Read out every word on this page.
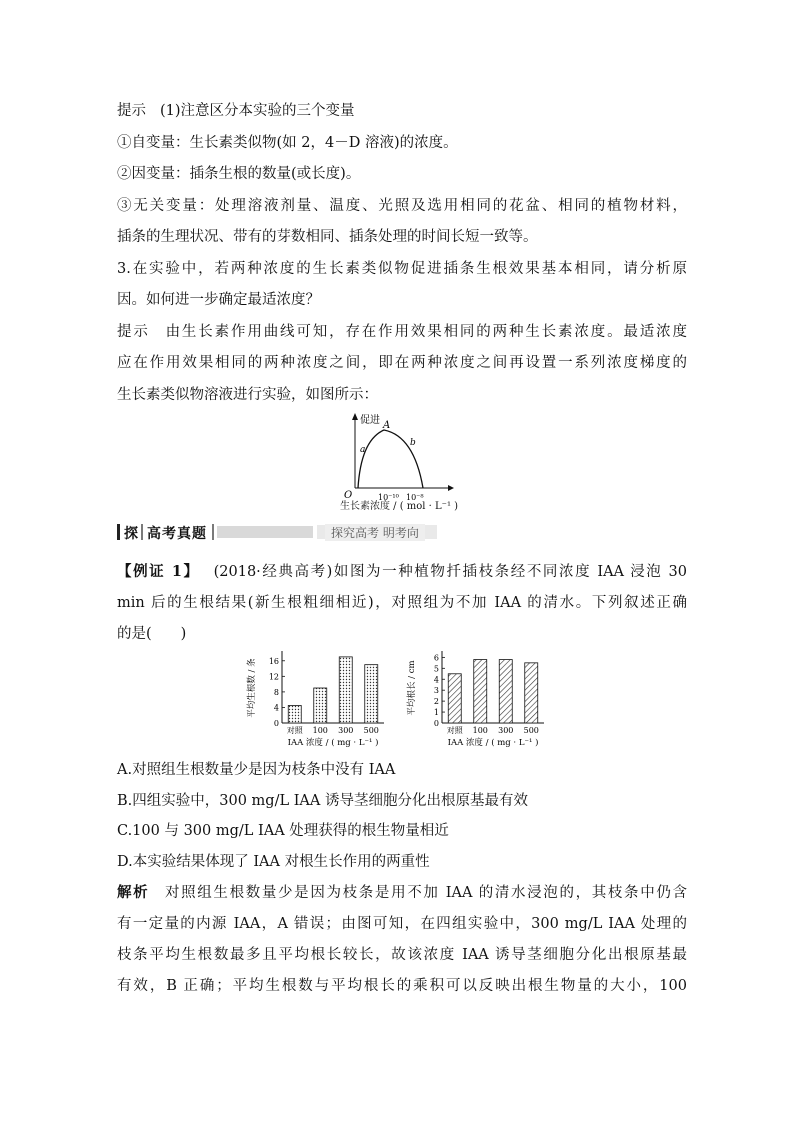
提示 (1)注意区分本实验的三个变量
①自变量：生长素类似物(如 2，4－D 溶液)的浓度。
②因变量：插条生根的数量(或长度)。
③无关变量：处理溶液剂量、温度、光照及选用相同的花盆、相同的植物材料，
插条的生理状况、带有的芽数相同、插条处理的时间长短一致等。
3.在实验中，若两种浓度的生长素类似物促进插条生根效果基本相同，请分析原
因。如何进一步确定最适浓度？
提示 由生长素作用曲线可知，存在作用效果相同的两种生长素浓度。最适浓度
应在作用效果相同的两种浓度之间，即在两种浓度之间再设置一系列浓度梯度的
生长素类似物溶液进行实验，如图所示：
促进 A
a
b
O	10⁻¹⁰ 10⁻⁸
生长素浓度 / ( mol · L⁻¹ )
探 高考真题	探究高考 明考向
【例证 1】 (2018·经典高考)如图为一种植物扦插枝条经不同浓度 IAA 浸泡 30
min 后的生根结果(新生根粗细相近)，对照组为不加 IAA 的清水。下列叙述正确
的是(　　)
0
4
8
12
16
对照 100 300 500
平均生根数 / 条
IAA 浓度 / ( mg · L⁻¹ )
0
1
2
3
4
5
6
对照 100 300 500
平均根长 / cm
IAA 浓度 / ( mg · L⁻¹ )
A.对照组生根数量少是因为枝条中没有 IAA
B.四组实验中，300 mg/L IAA 诱导茎细胞分化出根原基最有效
C.100 与 300 mg/L IAA 处理获得的根生物量相近
D.本实验结果体现了 IAA 对根生长作用的两重性
解析 对照组生根数量少是因为枝条是用不加 IAA 的清水浸泡的，其枝条中仍含
有一定量的内源 IAA，A 错误；由图可知，在四组实验中，300 mg/L IAA 处理的
枝条平均生根数最多且平均根长较长，故该浓度 IAA 诱导茎细胞分化出根原基最
有效，B 正确；平均生根数与平均根长的乘积可以反映出根生物量的大小，100
